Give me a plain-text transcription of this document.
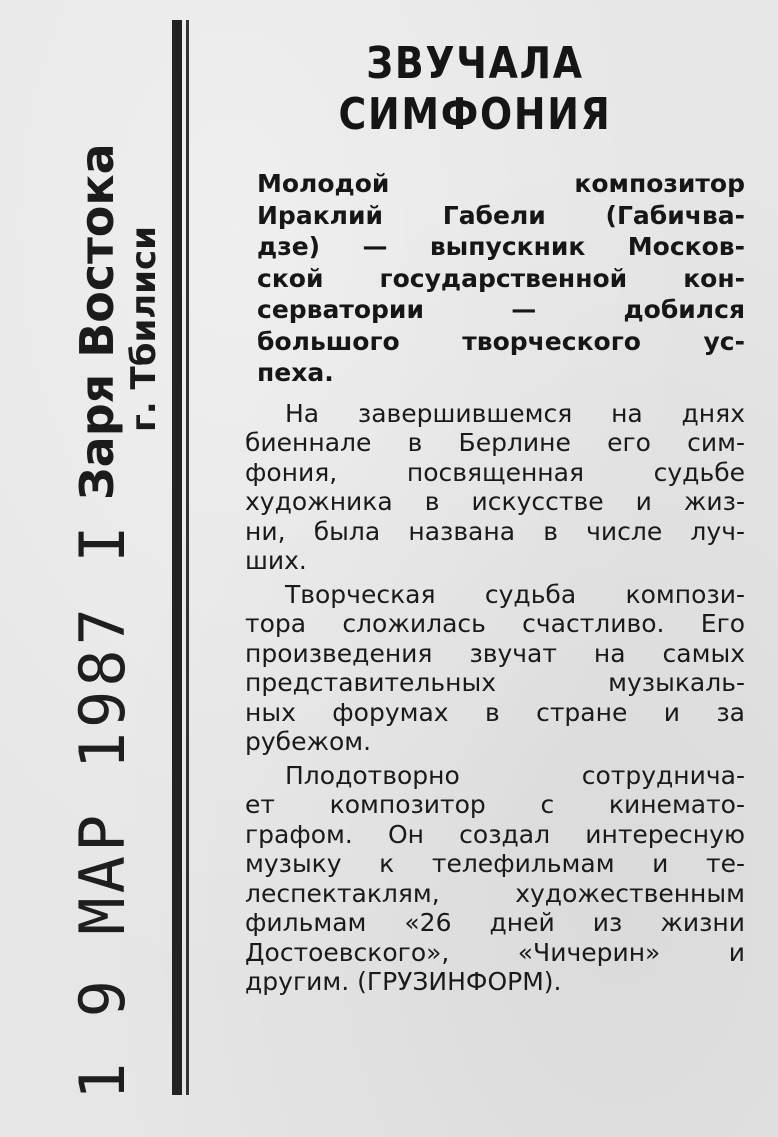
1 9 МАР 1987 I
Заря Востока г. Тбилиси
ЗВУЧАЛА СИМФОНИЯ
Молодой композитор
Ираклий Габели (Габичва-
дзе) — выпускник Москов-
ской государственной кон-
серватории — добился
большого творческого ус-
пеха.
На завершившемся на днях
биеннале в Берлине его сим-
фония, посвященная судьбе
художника в искусстве и жиз-
ни, была названа в числе луч-
ших.
Творческая судьба компози-
тора сложилась счастливо. Его
произведения звучат на самых
представительных музыкаль-
ных форумах в стране и за
рубежом.
Плодотворно сотрудничa-
ет композитор с кинемато-
графом. Он создал интересную
музыку к телефильмам и те-
леспектаклям, художественным
фильмам «26 дней из жизни
Достоевского», «Чичерин» и
другим. (ГРУЗИНФОРМ).
